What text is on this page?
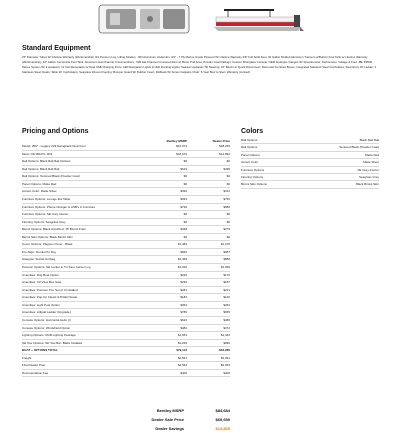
Standard Equipment
25" Diameter Tubes W/ Lifetime Warranty (Workmanship) 3rd Pontoon Log, Lifting Strakes, .063 Aluminum Underskin, 3/4" - 7 Ply Marine Grade Plywood W/ Lifetime Warranty 3/8" Full Solid Keel, 40 Gallon Molded Aluminum Transom w/Built-In Fuel Tank w/ Lifetime Warranty (Workmanship), 32" Gallon Composite Fuel Tank, Aluminum Hat Channel Crossmembers, .090 Hat Channel Crossmembers w/ Motor Pod Area; Powder Coat Railings; Custom Fiberglass Console; OEM Analogue Gauges W/ Speedometer, Tachometer, Voltage & Fuel; JBL R3500 Stereo System W/ 4 speakers; 12 Volt Receptacle w/ Dual USB Charging Ports; LED Navigation Lights & LED Docking Lights; Seastar Hydraulic Tilt Steering; 15" Bimini w/ Quick Disconnect; Rota-cast Furniture Boxes; Integrated Stainless Steel Cupholders; Rear Entry W/ Ladder; 4 Stainless Steel Cleats; Table W/ Cupholders; Seagrass Woven Flooring; Bumper Guard W/ Rubber Insert; Rollback W/ Screw Captains Chair; 5-Year Bow to Stern Warranty (Limited)
Pricing and Options	Colors
Bentley MSRP	Dealer Price
Model: 250* - Legacy 223 Swingback Dual Cool	$43,072	$38,250
Motor: DF150ATL 11IS	$18,670	$14,892
Rail Options: Black Rail Rail Options	$0	$0
Rail Options: Black Rail Rail	$619	$495
Rail Options: Textured Black (Powder Coat)	$0	$0
Panel Options: Matte Red	$0	$0
Accent Color: Matte Silver	$392	$312
Furniture Options: Lounge Ent Table	$933	$750
Furniture Options: Phone Charger & USB's in Furniture	$730	$580
Furniture Options: SE Grey Interior	$0	$0
Flooring Options: Seagrass Grey	$0	$0
Bimini Options: Black Anodized, 15' Bimini Fram	$348	$270
Bimini Skin Options: Black Bimini Skin	$0	$0
Cover Options: Playpen Cover - Black	$1,384	$1,105
Pro Align: Suzuki Pro Rig	$846	$687
Glasgow: Suzuki Horbag	$1,469	$886
Pontoon Options: Ski Locker in Tri-Tone Center Log	$1,030	$1,090
Amenities: Dog Boat Option	$220	$170
Amenities: CZ View Box Gate	$230	$187
Amenities: Pontoon Pro: Set of 4 Installed	$281	$221
Amenities: Pop-Up Cleats & 8 Rail Cleats	$182	$146
Amenities: Light Post Option	$364	$262
Amenities: Lilliputt Ladder (Upgrade)	$780	$655
Console Options: Horizontal Helm (I)	$622	$486
Console Options: Windshield Option	$484	$372
Lighting Options: RGB Lighting Package	$1,653	$1,342
Ski Tow Options: Ski Tow Bar- Black Installed	$1,225	$996
BOAT + OPTIONS TOTAL	$79,113	$63,286
Freight	$2,551	$2,051
Final Dealer Prep	$2,563	$2,653
Documentation Fee	$405	$405
Bentley MSRP	$84,684
Dealer Sale Price	$69,659
Dealer Savings	$14,835
Rail Options	Black Rail Rail
Rail Options	Textured Black (Powder Coat)
Panel Options	Matte Red
Accent Color	Matte Silver
Furniture Options	SE Grey Interior
Flooring Options	Seagrass Grey
Bimini Skin Options	Black Bimini Skin
